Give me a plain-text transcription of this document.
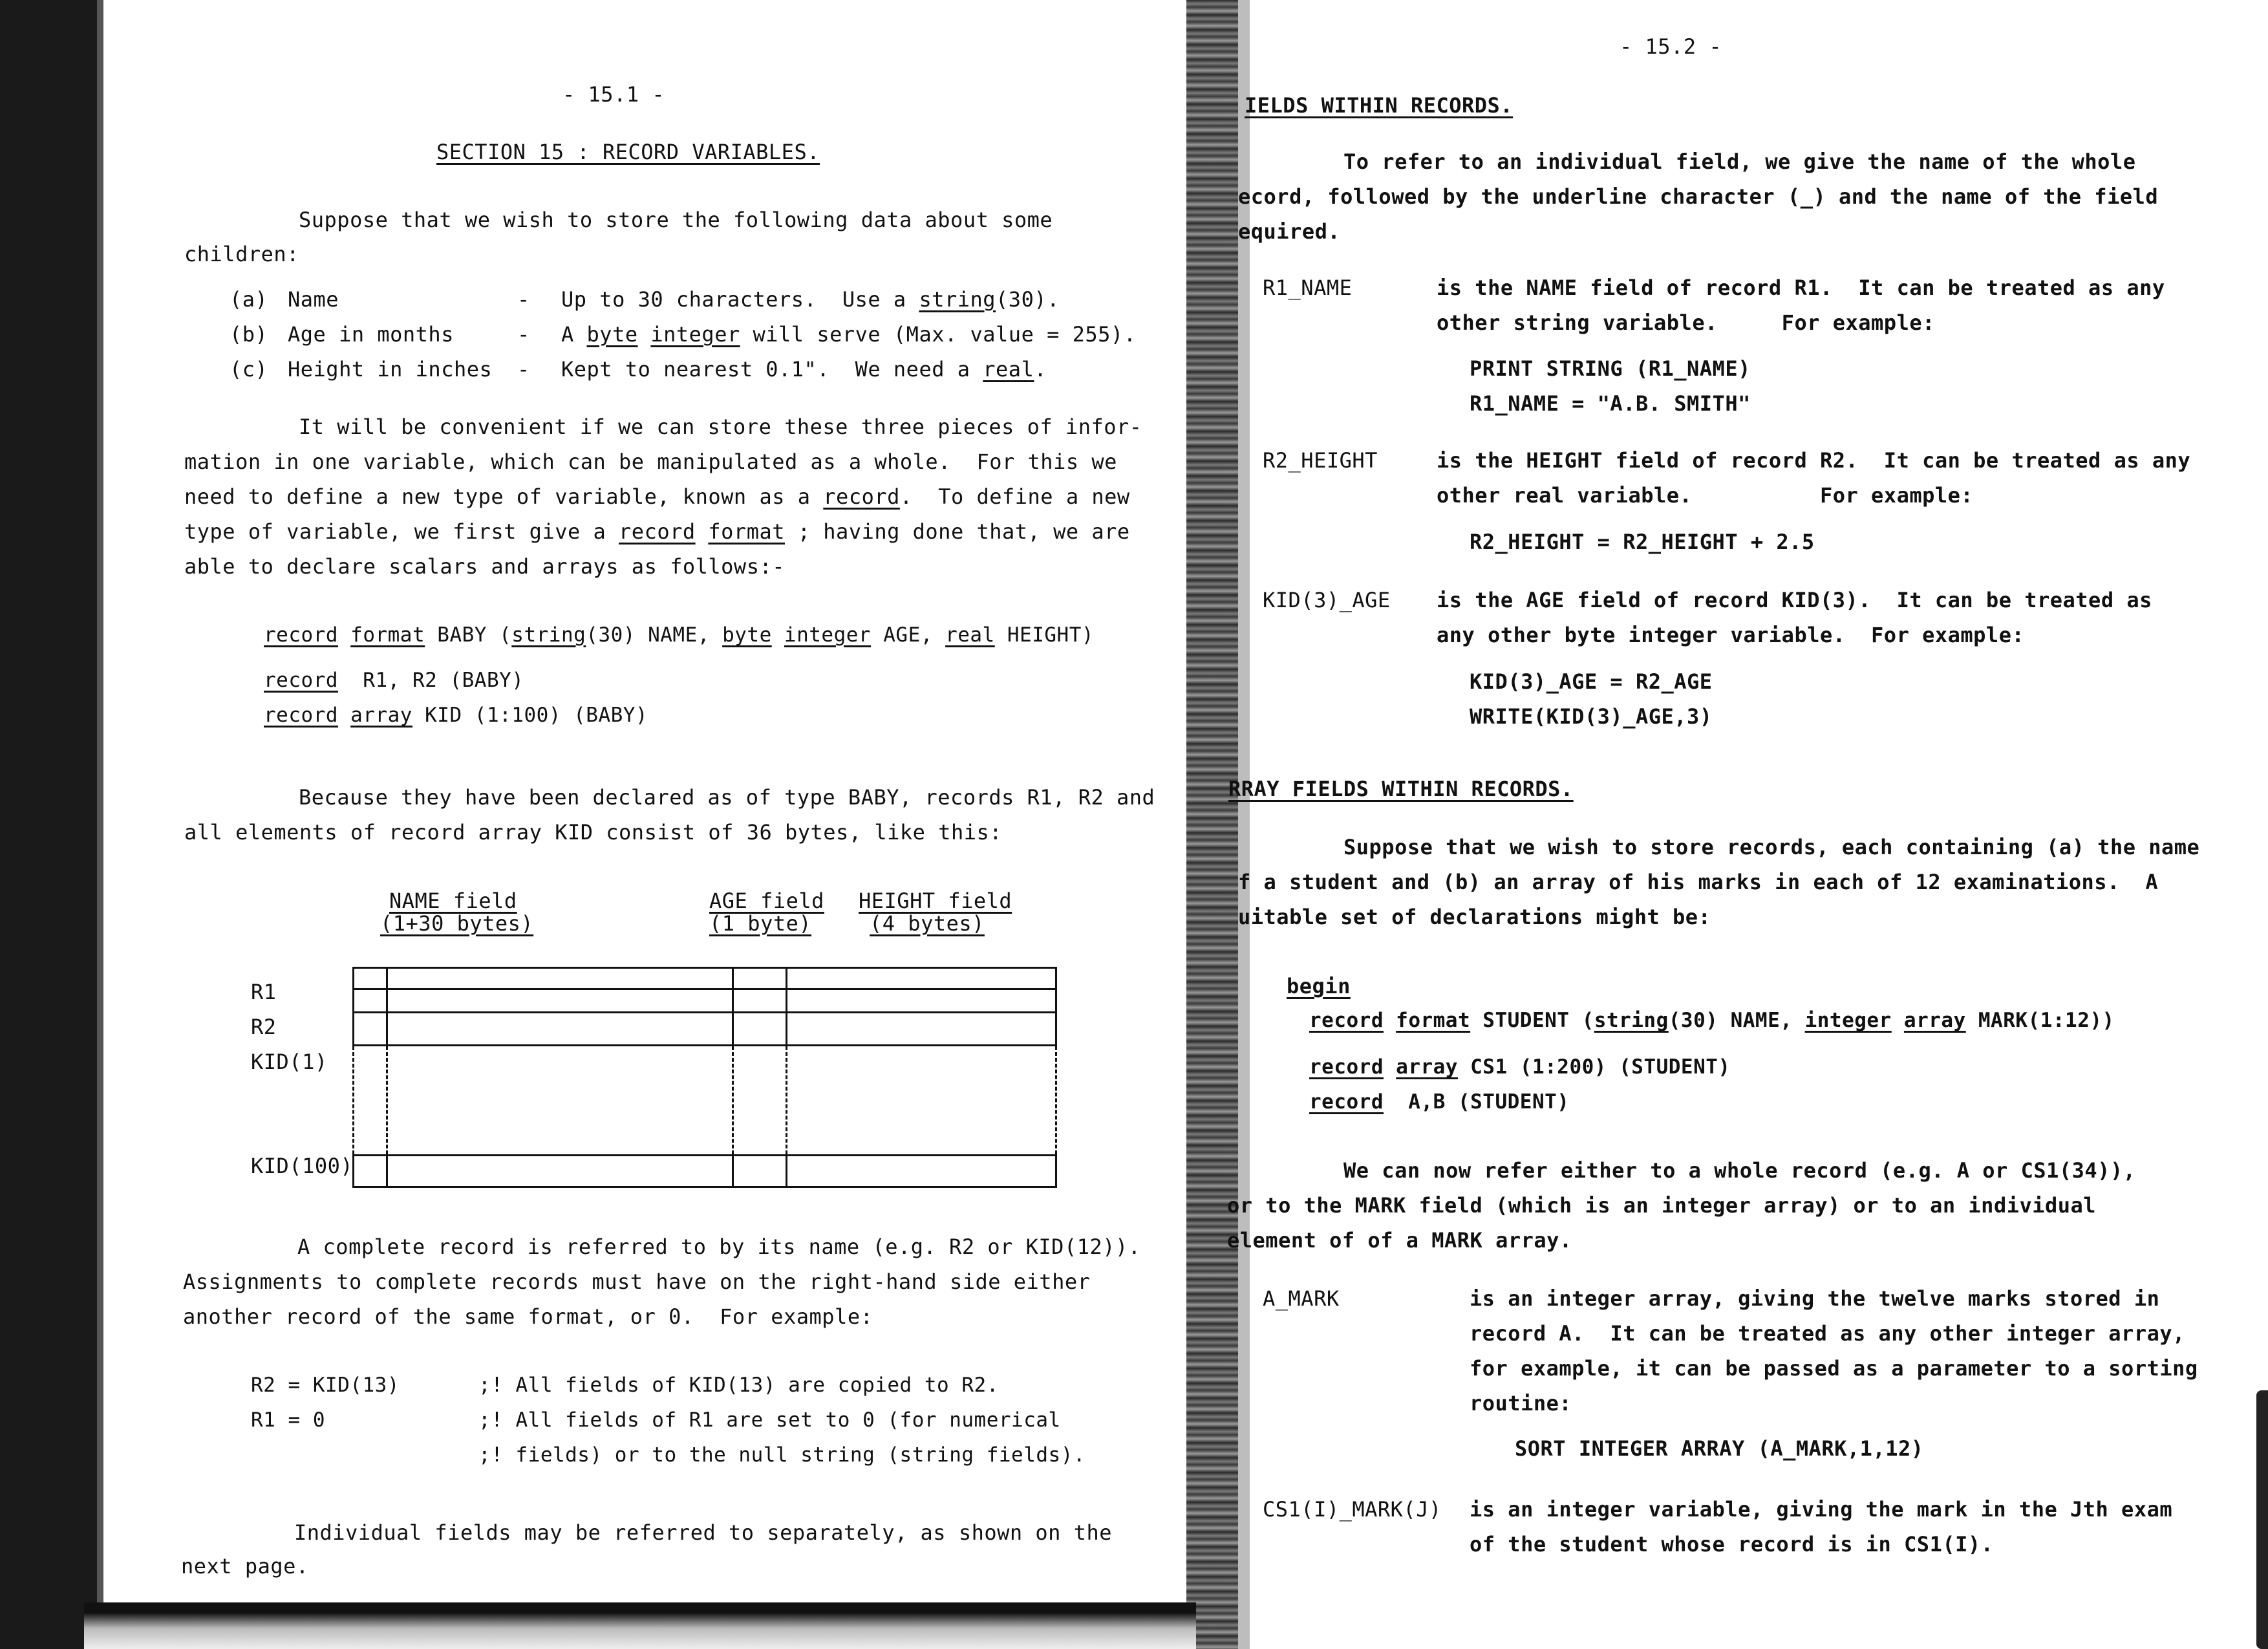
- 15.1 -
SECTION 15 : RECORD VARIABLES.
Suppose that we wish to store the following data about some
children:
(a) Name	- Up to 30 characters.  Use a string(30).
(b) Age in months	- A byte integer will serve (Max. value = 255).
(c) Height in inches - Kept to nearest 0.1".  We need a real.
It will be convenient if we can store these three pieces of infor-
mation in one variable, which can be manipulated as a whole.  For this we
need to define a new type of variable, known as a record.  To define a new
type of variable, we first give a record format ; having done that, we are
able to declare scalars and arrays as follows:-
record format BABY (string(30) NAME, byte integer AGE, real HEIGHT)
record  R1, R2 (BABY)
record array KID (1:100) (BABY)
Because they have been declared as of type BABY, records R1, R2 and
all elements of record array KID consist of 36 bytes, like this:
NAME field
(1+30 bytes)
AGE field
(1 byte)
HEIGHT field
(4 bytes)
R1
R2
KID(1)
KID(100)
A complete record is referred to by its name (e.g. R2 or KID(12)).
Assignments to complete records must have on the right-hand side either
another record of the same format, or 0.  For example:
R2 = KID(13)	;! All fields of KID(13) are copied to R2.
R1 = 0	;! All fields of R1 are set to 0 (for numerical
;! fields) or to the null string (string fields).
Individual fields may be referred to separately, as shown on the
next page.
- 15.2 -
IELDS WITHIN RECORDS.
To refer to an individual field, we give the name of the whole
ecord, followed by the underline character (_) and the name of the field
equired.
R1_NAME	is the NAME field of record R1.  It can be treated as any
other string variable.     For example:
PRINT STRING (R1_NAME)
R1_NAME = "A.B. SMITH"
R2_HEIGHT	is the HEIGHT field of record R2.  It can be treated as any
other real variable.          For example:
R2_HEIGHT = R2_HEIGHT + 2.5
KID(3)_AGE is the AGE field of record KID(3).  It can be treated as
any other byte integer variable.  For example:
KID(3)_AGE = R2_AGE
WRITE(KID(3)_AGE,3)
RRAY FIELDS WITHIN RECORDS.
Suppose that we wish to store records, each containing (a) the name
f a student and (b) an array of his marks in each of 12 examinations.  A
uitable set of declarations might be:
begin
record format STUDENT (string(30) NAME, integer array MARK(1:12))
record array CS1 (1:200) (STUDENT)
record  A,B (STUDENT)
We can now refer either to a whole record (e.g. A or CS1(34)),
or to the MARK field (which is an integer array) or to an individual
element of of a MARK array.
A_MARK	is an integer array, giving the twelve marks stored in
record A.  It can be treated as any other integer array,
for example, it can be passed as a parameter to a sorting
routine:
SORT INTEGER ARRAY (A_MARK,1,12)
CS1(I)_MARK(J) is an integer variable, giving the mark in the Jth exam
of the student whose record is in CS1(I).
